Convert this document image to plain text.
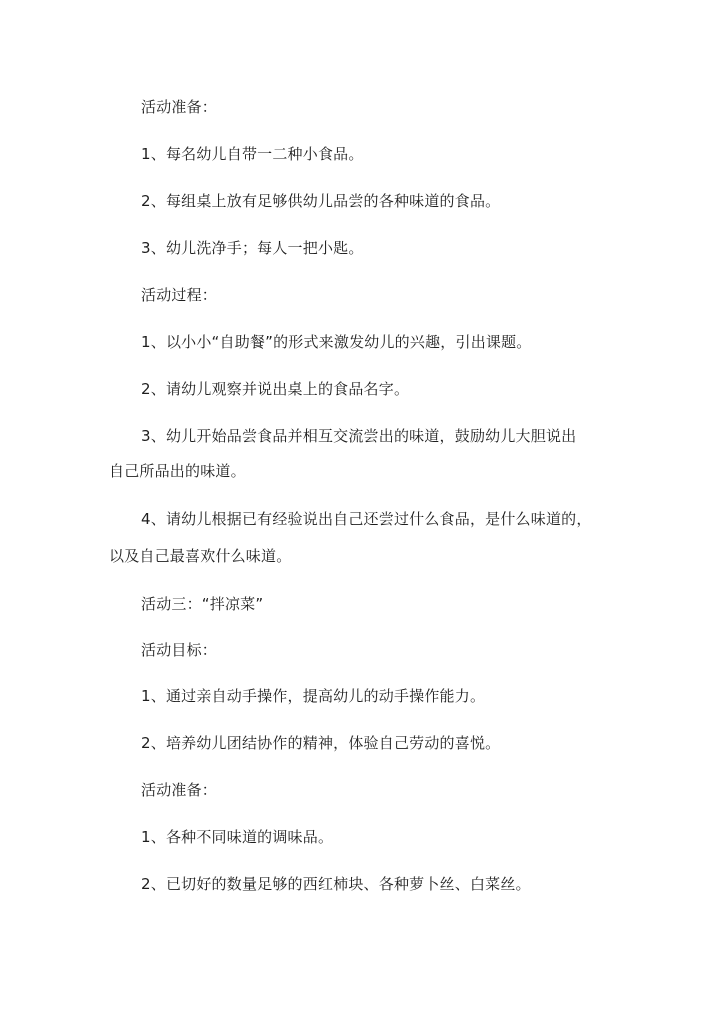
活动准备：
1、每名幼儿自带一二种小食品。
2、每组桌上放有足够供幼儿品尝的各种味道的食品。
3、幼儿洗净手；每人一把小匙。
活动过程：
1、以小小“自助餐”的形式来激发幼儿的兴趣，引出课题。
2、请幼儿观察并说出桌上的食品名字。
3、幼儿开始品尝食品并相互交流尝出的味道，鼓励幼儿大胆说出
自己所品出的味道。
4、请幼儿根据已有经验说出自己还尝过什么食品，是什么味道的，
以及自己最喜欢什么味道。
活动三：“拌凉菜”
活动目标：
1、通过亲自动手操作，提高幼儿的动手操作能力。
2、培养幼儿团结协作的精神，体验自己劳动的喜悦。
活动准备：
1、各种不同味道的调味品。
2、已切好的数量足够的西红柿块、各种萝卜丝、白菜丝。
